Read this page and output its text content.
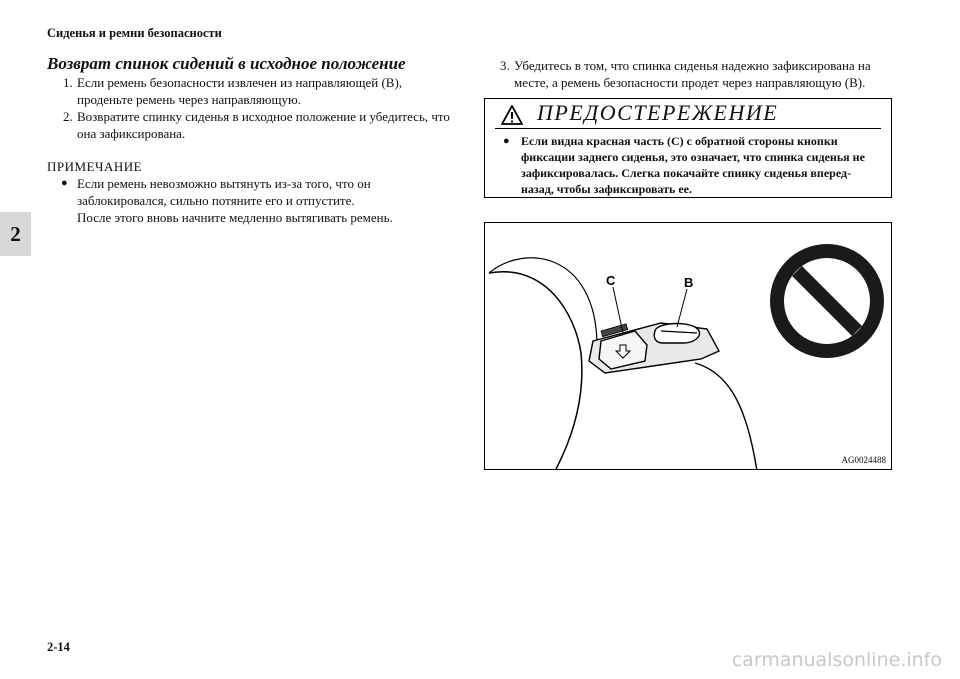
Сиденья и ремни безопасности
2
Возврат спинок сидений в исходное положение

1. Если ремень безопасности извлечен из направляющей (B), проденьте ремень через направляющую.

2. Возвратите спинку сиденья в исходное положение и убедитесь, что она зафиксирована.

ПРИМЕЧАНИЕ
● Если ремень невозможно вытянуть из-за того, что он заблокировался, сильно потяните его и отпустите.
После этого вновь начните медленно вытягивать ремень.
3. Убедитесь в том, что спинка сиденья надежно зафиксирована на месте, а ремень безопасности продет через направляющую (B).
ПРЕДОСТЕРЕЖЕНИЕ
● Если видна красная часть (C) с обратной стороны кнопки фиксации заднего сиденья, это означает, что спинка сиденья не зафиксировалась. Слегка покачайте спинку сиденья вперед-назад, чтобы зафиксировать ее.
C	B
AG0024488
2-14
carmanualsonline.info
